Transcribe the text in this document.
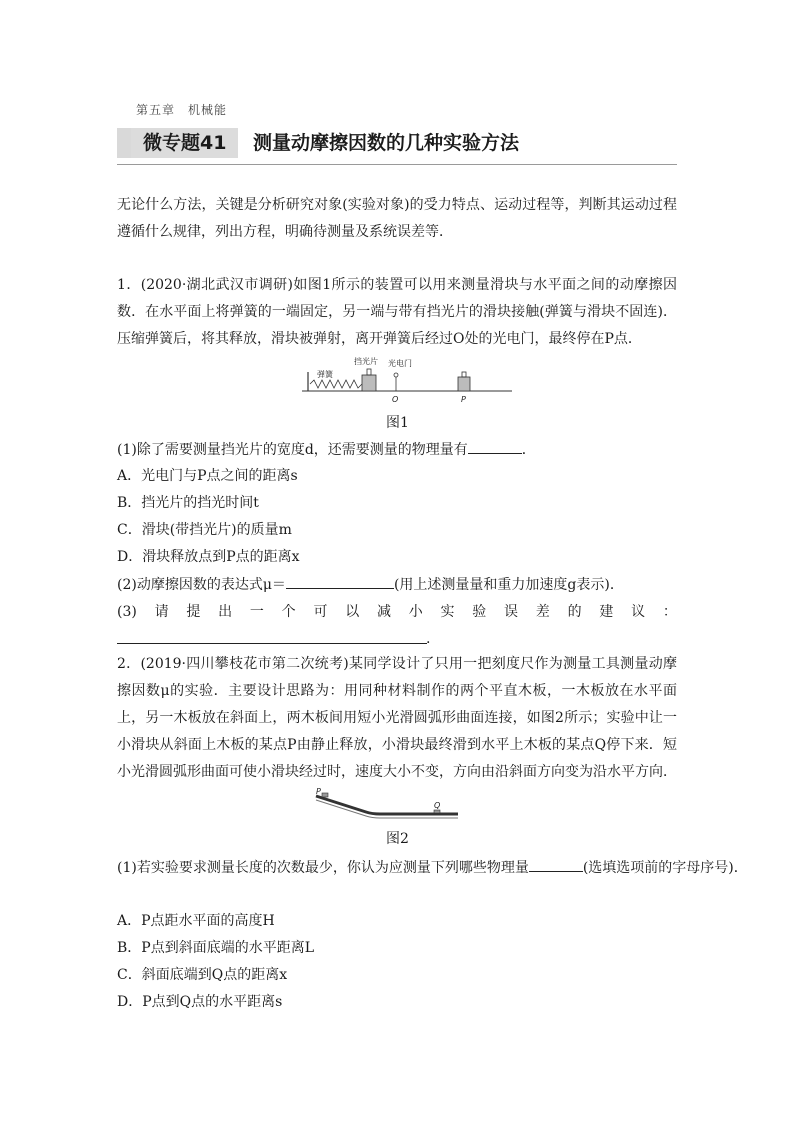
第五章　机械能
微专题41	测量动摩擦因数的几种实验方法

无论什么方法，关键是分析研究对象(实验对象)的受力特点、运动过程等，判断其运动过程遵循什么规律，列出方程，明确待测量及系统误差等．

1．(2020·湖北武汉市调研)如图1所示的装置可以用来测量滑块与水平面之间的动摩擦因数．在水平面上将弹簧的一端固定，另一端与带有挡光片的滑块接触(弹簧与滑块不固连)．压缩弹簧后，将其释放，滑块被弹射，离开弹簧后经过O处的光电门，最终停在P点．

弹簧
挡光片 光电门
O	P
图1
(1)除了需要测量挡光片的宽度d，还需要测量的物理量有	．
A．光电门与P点之间的距离s
B．挡光片的挡光时间t
C．滑块(带挡光片)的质量m
D．滑块释放点到P点的距离x
(2)动摩擦因数的表达式μ＝	(用上述测量量和重力加速度g表示)．
(3) 请 提 出 一 个 可 以 减 小 实 验 误 差 的 建 议 ：
.

2．(2019·四川攀枝花市第二次统考)某同学设计了只用一把刻度尺作为测量工具测量动摩擦因数μ的实验．主要设计思路为：用同种材料制作的两个平直木板，一木板放在水平面上，另一木板放在斜面上，两木板间用短小光滑圆弧形曲面连接，如图2所示；实验中让一小滑块从斜面上木板的某点P由静止释放，小滑块最终滑到水平上木板的某点Q停下来．短小光滑圆弧形曲面可使小滑块经过时，速度大小不变，方向由沿斜面方向变为沿水平方向．

P
Q
图2
(1)若实验要求测量长度的次数最少，你认为应测量下列哪些物理量	(选填选项前的字母序号)．
A．P点距水平面的高度H
B．P点到斜面底端的水平距离L
C．斜面底端到Q点的距离x
D．P点到Q点的水平距离s
